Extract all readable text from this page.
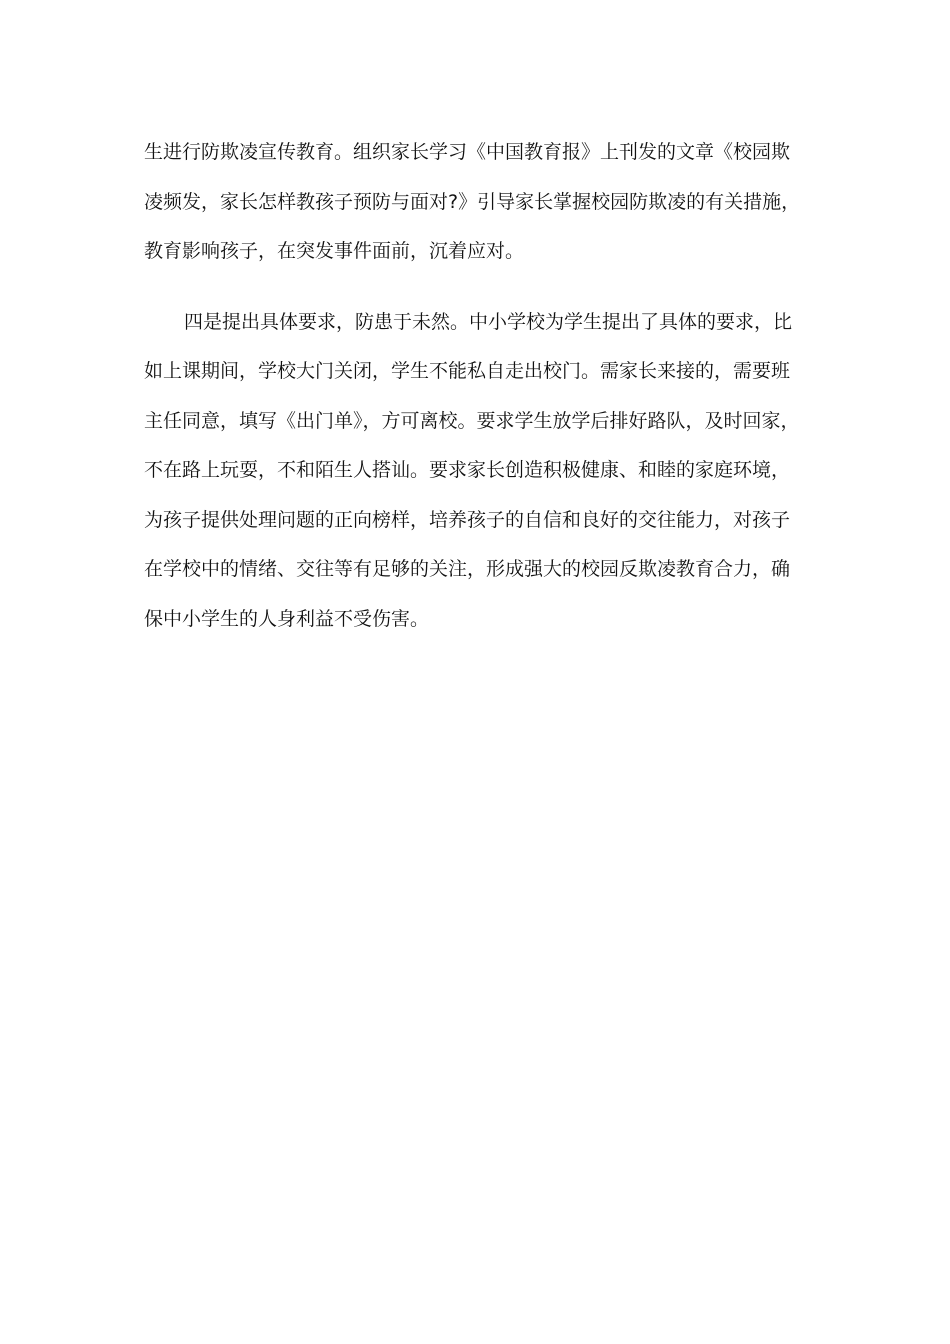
生进行防欺凌宣传教育。组织家长学习《中国教育报》上刊发的文章《校园欺
凌频发，家长怎样教孩子预防与面对?》引导家长掌握校园防欺凌的有关措施，
教育影响孩子，在突发事件面前，沉着应对。
四是提出具体要求，防患于未然。中小学校为学生提出了具体的要求，比
如上课期间，学校大门关闭，学生不能私自走出校门。需家长来接的，需要班
主任同意，填写《出门单》，方可离校。要求学生放学后排好路队，及时回家，
不在路上玩耍，不和陌生人搭讪。要求家长创造积极健康、和睦的家庭环境，
为孩子提供处理问题的正向榜样，培养孩子的自信和良好的交往能力，对孩子
在学校中的情绪、交往等有足够的关注，形成强大的校园反欺凌教育合力，确
保中小学生的人身利益不受伤害。
